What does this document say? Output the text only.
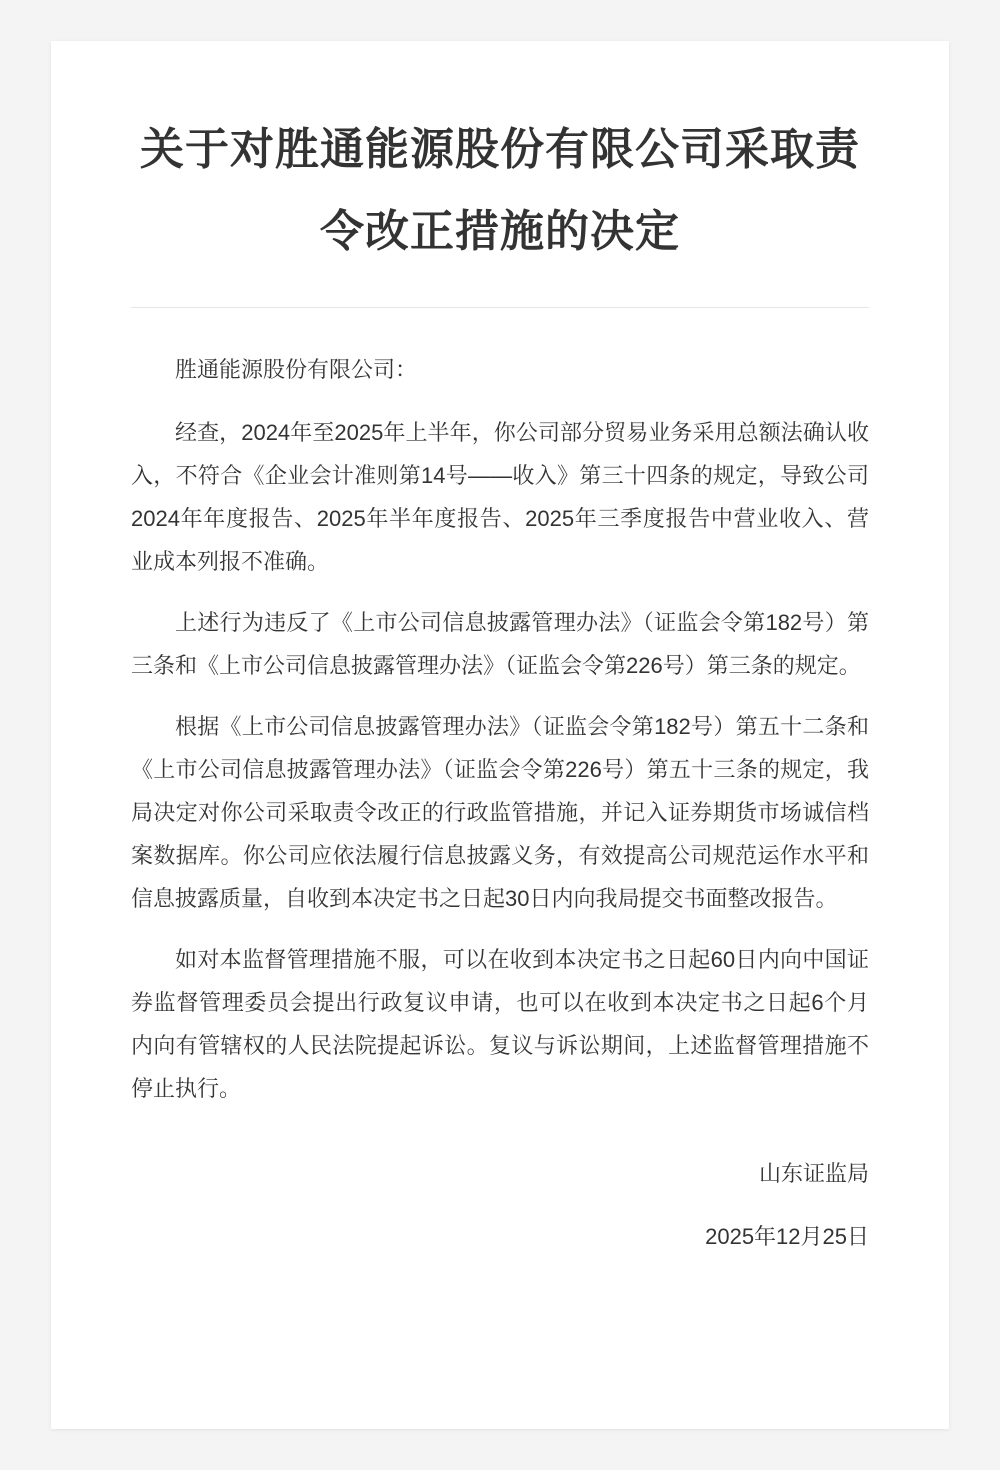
关于对胜通能源股份有限公司采取责令改正措施的决定

胜通能源股份有限公司：

经查，2024年至2025年上半年，你公司部分贸易业务采用总额法确认收入，不符合《企业会计准则第14号——收入》第三十四条的规定，导致公司2024年年度报告、2025年半年度报告、2025年三季度报告中营业收入、营业成本列报不准确。

上述行为违反了《上市公司信息披露管理办法》（证监会令第182号）第三条和《上市公司信息披露管理办法》（证监会令第226号）第三条的规定。

根据《上市公司信息披露管理办法》（证监会令第182号）第五十二条和《上市公司信息披露管理办法》（证监会令第226号）第五十三条的规定，我局决定对你公司采取责令改正的行政监管措施，并记入证券期货市场诚信档案数据库。你公司应依法履行信息披露义务，有效提高公司规范运作水平和信息披露质量，自收到本决定书之日起30日内向我局提交书面整改报告。

如对本监督管理措施不服，可以在收到本决定书之日起60日内向中国证券监督管理委员会提出行政复议申请，也可以在收到本决定书之日起6个月内向有管辖权的人民法院提起诉讼。复议与诉讼期间，上述监督管理措施不停止执行。

山东证监局

2025年12月25日
